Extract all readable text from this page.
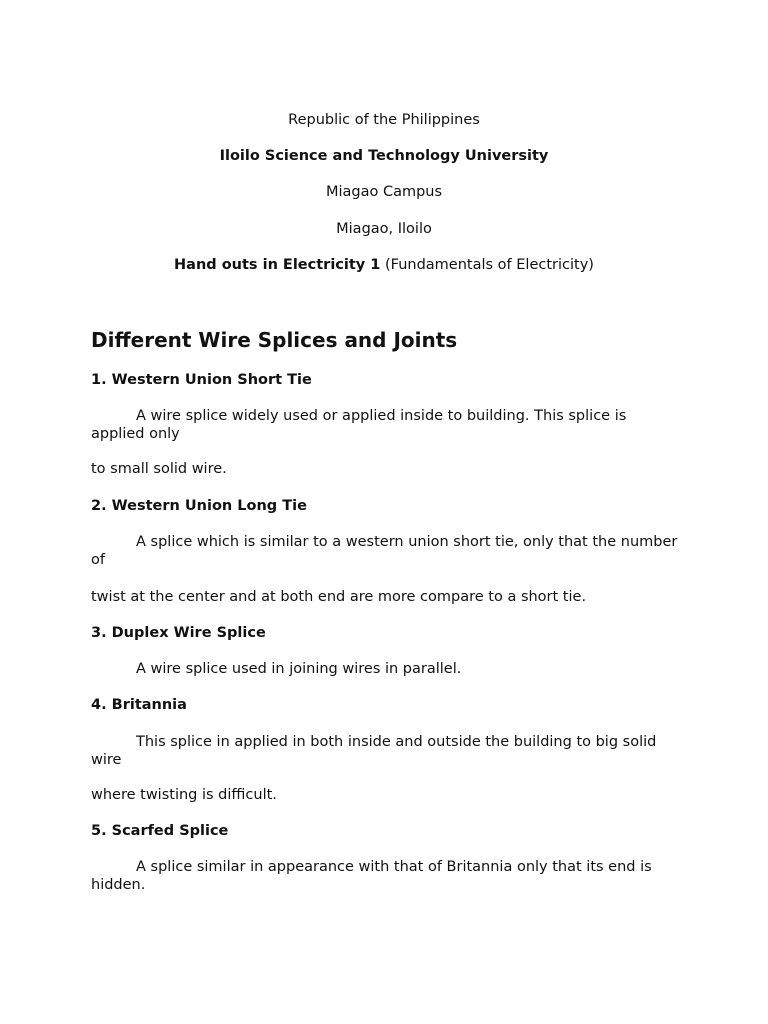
Republic of the Philippines
Iloilo Science and Technology University
Miagao Campus
Miagao, Iloilo
Hand outs in Electricity 1 (Fundamentals of Electricity)
Different Wire Splices and Joints
1. Western Union Short Tie
A wire splice widely used or applied inside to building. This splice is applied only
to small solid wire.
2. Western Union Long Tie
A splice which is similar to a western union short tie, only that the number of
twist at the center and at both end are more compare to a short tie.
3. Duplex Wire Splice
A wire splice used in joining wires in parallel.
4. Britannia
This splice in applied in both inside and outside the building to big solid wire
where twisting is difficult.
5. Scarfed Splice
A splice similar in appearance with that of Britannia only that its end is hidden.
